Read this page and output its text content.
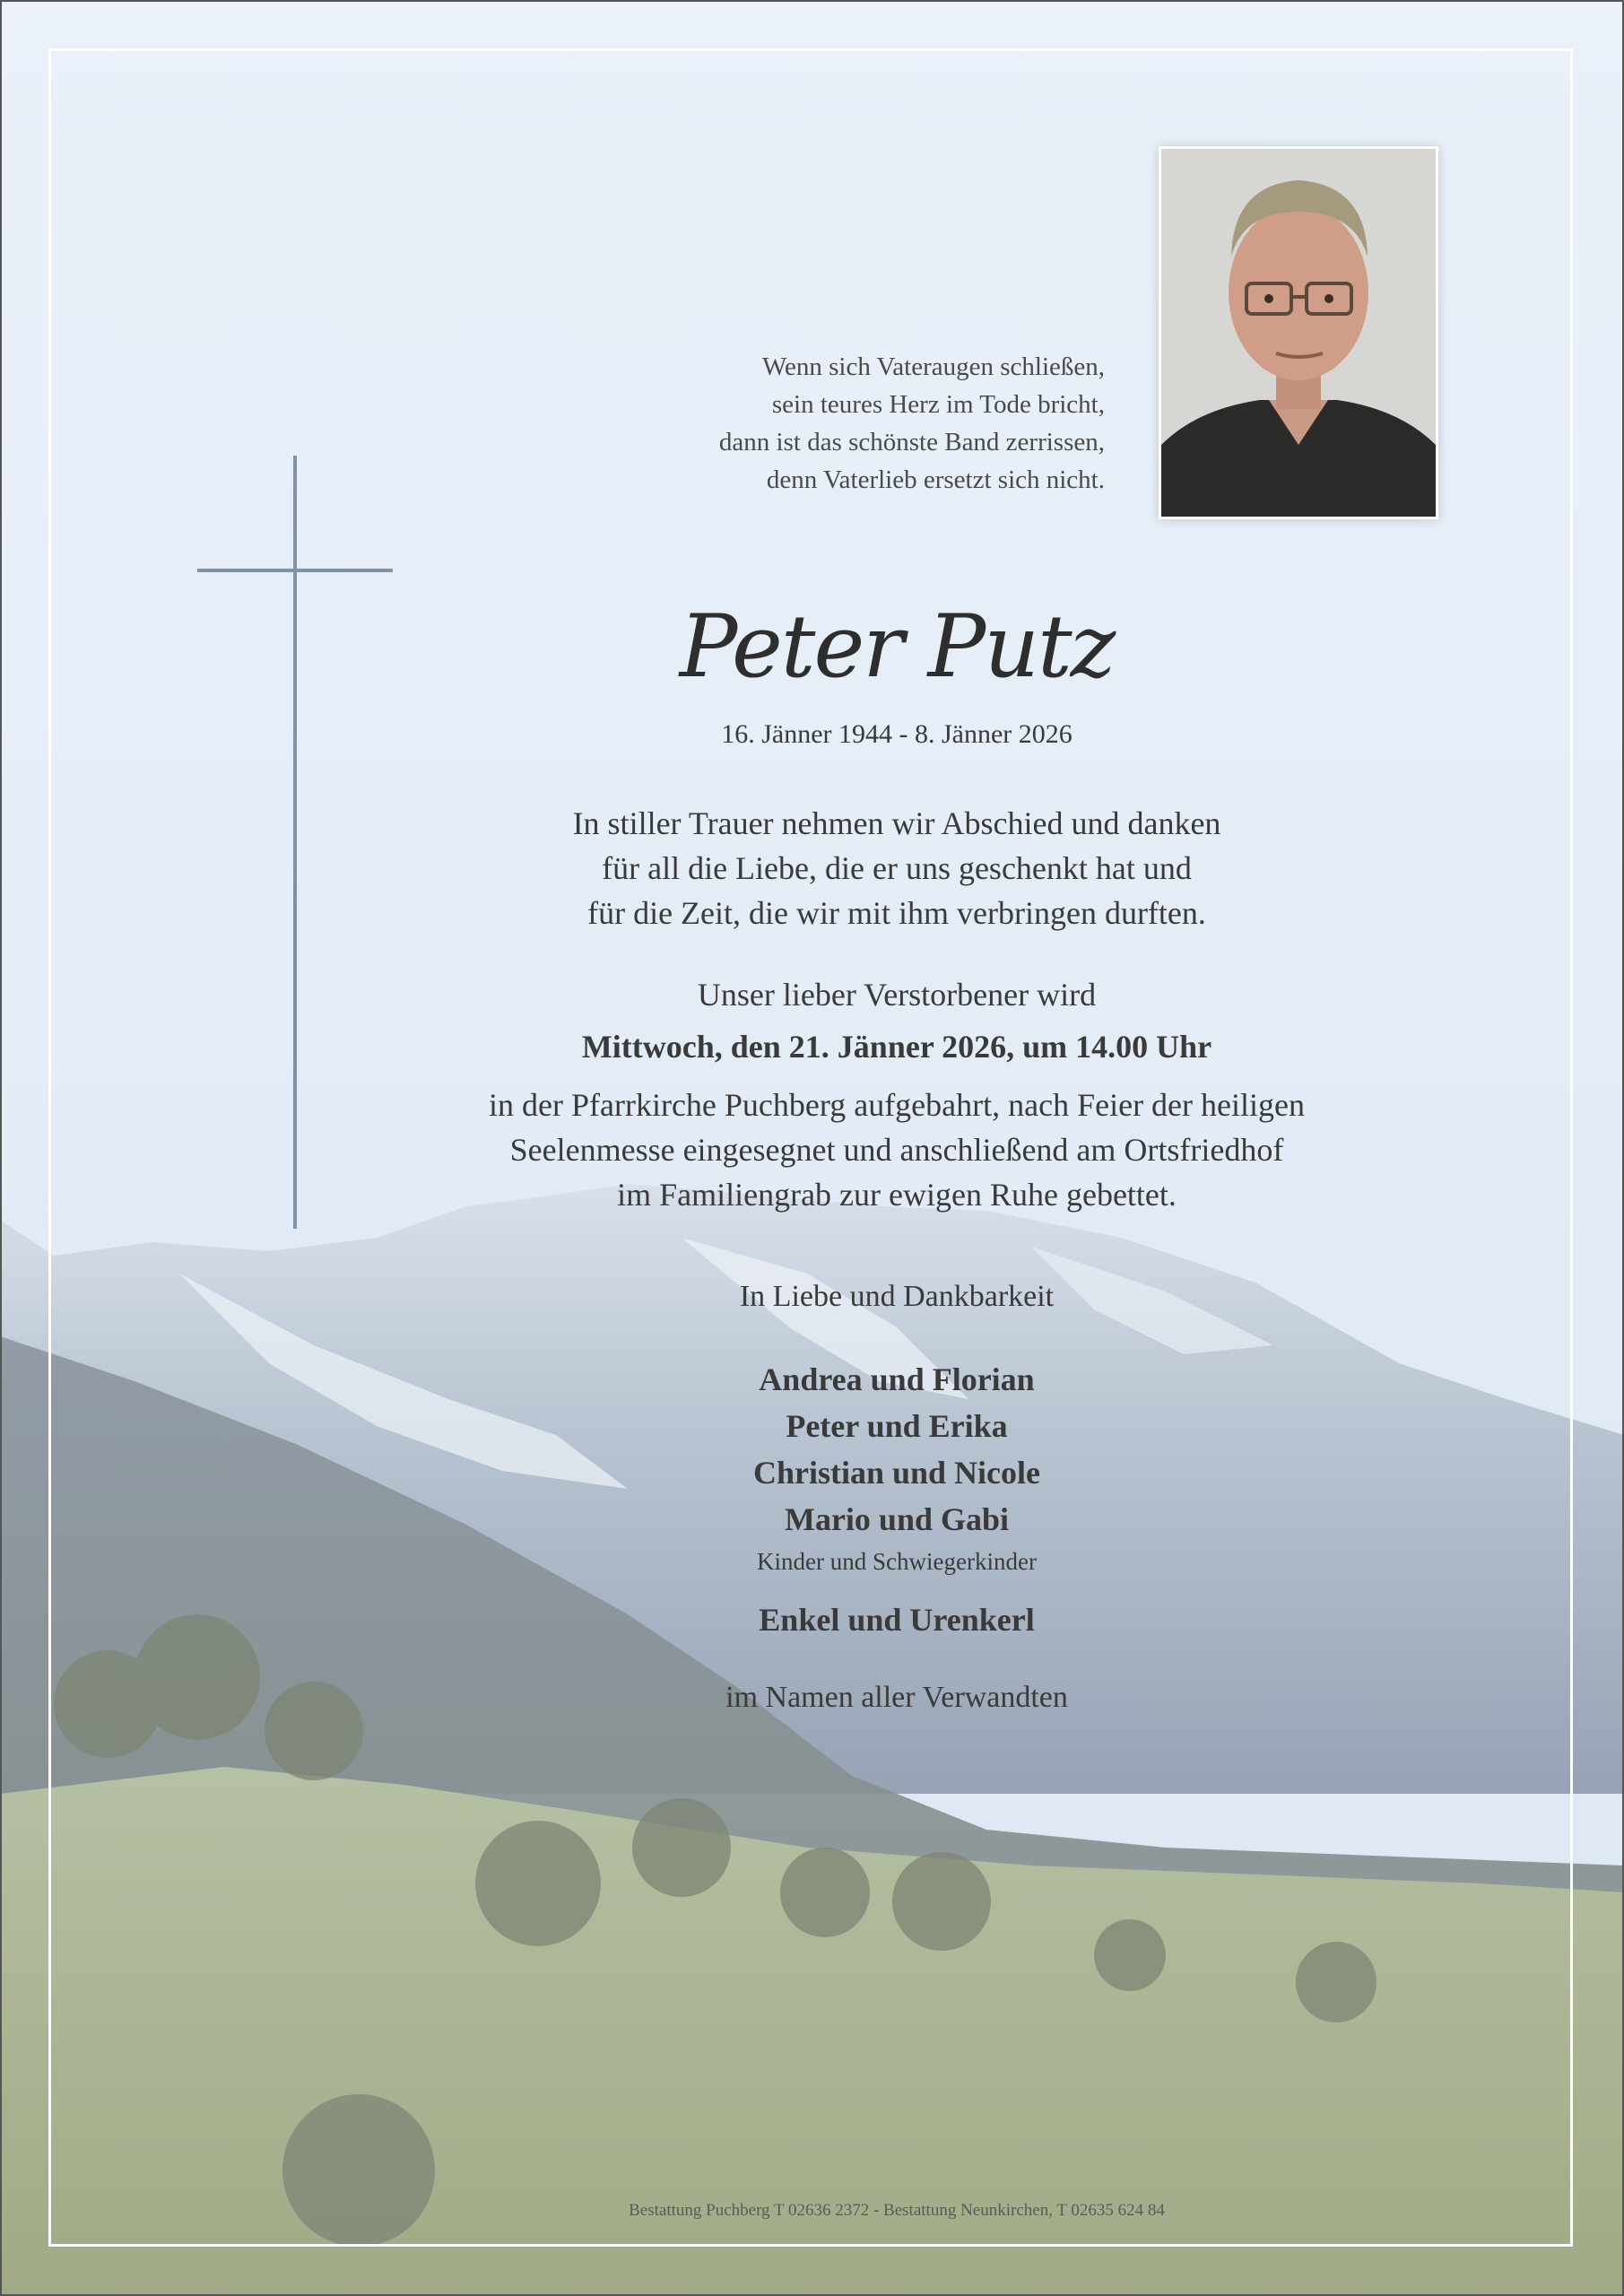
Wenn sich Vateraugen schließen,
sein teures Herz im Tode bricht,
dann ist das schönste Band zerrissen,
denn Vaterlieb ersetzt sich nicht.
Peter Putz
16. Jänner 1944 - 8. Jänner 2026
In stiller Trauer nehmen wir Abschied und danken
für all die Liebe, die er uns geschenkt hat und
für die Zeit, die wir mit ihm verbringen durften.
Unser lieber Verstorbener wird
Mittwoch, den 21. Jänner 2026, um 14.00 Uhr
in der Pfarrkirche Puchberg aufgebahrt, nach Feier der heiligen
Seelenmesse eingesegnet und anschließend am Ortsfriedhof
im Familiengrab zur ewigen Ruhe gebettet.
In Liebe und Dankbarkeit
Andrea und Florian
Peter und Erika
Christian und Nicole
Mario und Gabi
Kinder und Schwiegerkinder
Enkel und Urenkerl
im Namen aller Verwandten
Bestattung Puchberg T 02636 2372 - Bestattung Neunkirchen, T 02635 624 84
